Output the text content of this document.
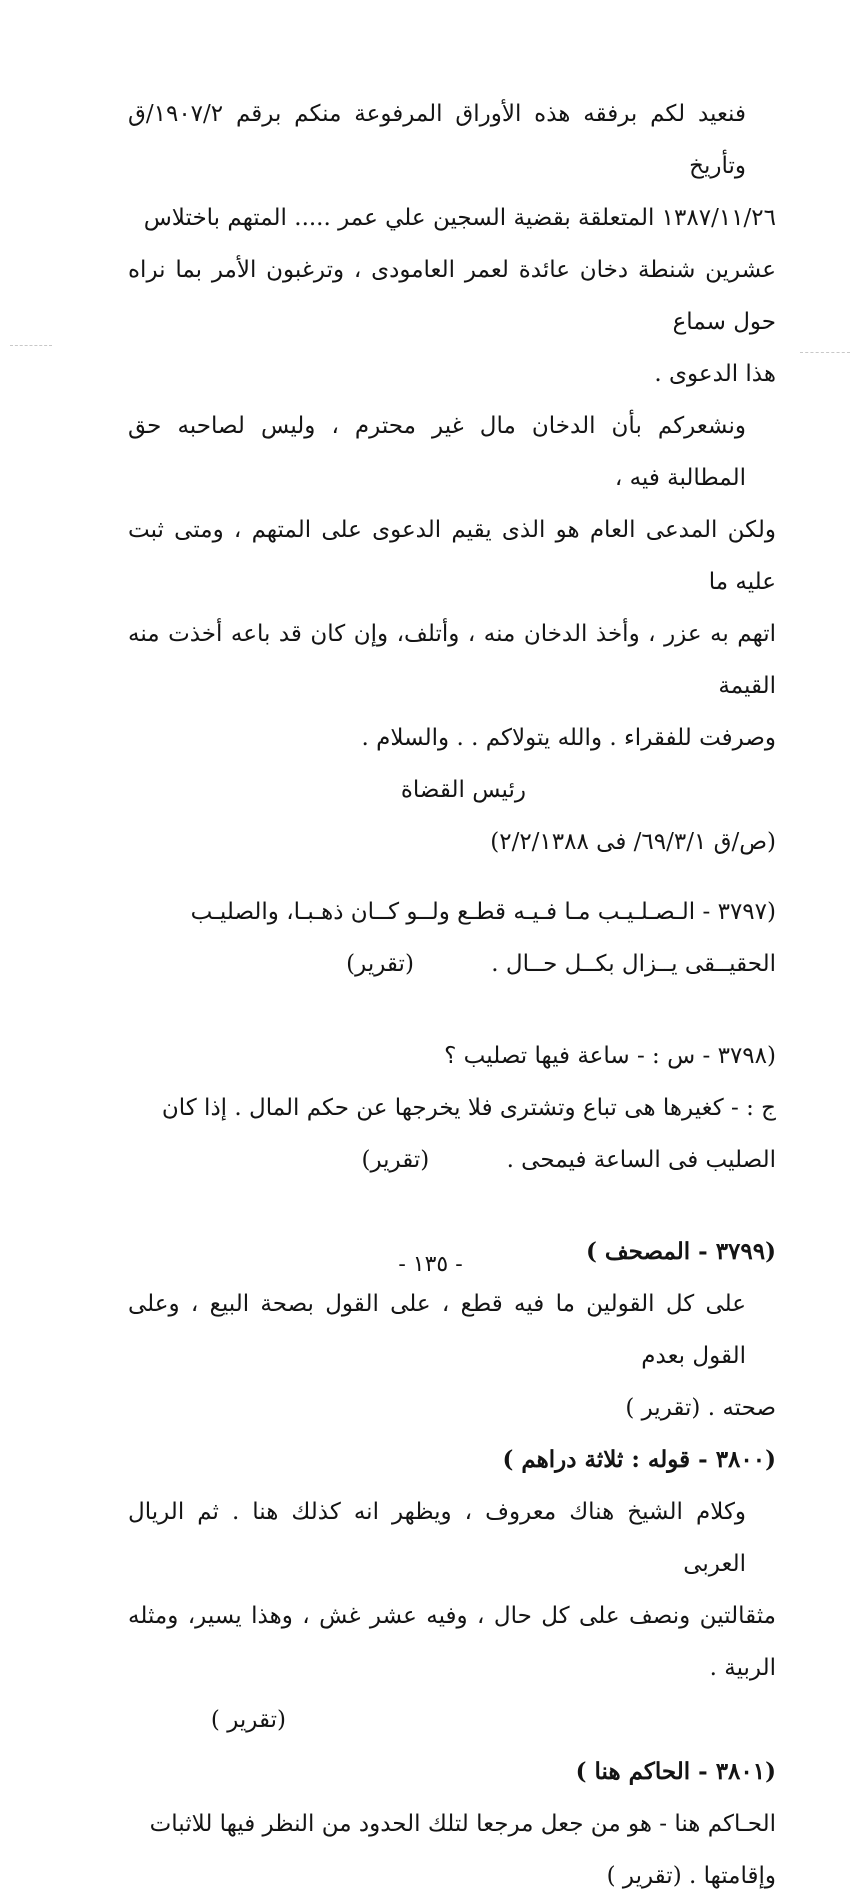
فنعيد لكم برفقه هذه الأوراق المرفوعة منكم برقم ١٩٠٧/٢/ق وتأريخ

١٣٨٧/١١/٢٦ المتعلقة بقضية السجين علي عمر ..... المتهم باختلاس

عشرين شنطة دخان عائدة لعمر العامودى ، وترغبون الأمر بما نراه حول سماع

هذا الدعوى .

ونشعركم بأن الدخان مال غير محترم ، وليس لصاحبه حق المطالبة فيه ،

ولكن المدعى العام هو الذى يقيم الدعوى على المتهم ، ومتى ثبت عليه ما

اتهم به عزر ، وأخذ الدخان منه ، وأتلف، وإن كان قد باعه أخذت منه القيمة

وصرفت للفقراء . والله يتولاكم . . والسلام .

رئيس القضاة

(ص/ق ٦٩/٣/١/ فى ٢/٢/١٣٨٨)

(٣٧٩٧ - الـصـلـيـب مـا فـيـه قطـع ولــو كــان ذهـبـا، والصليـب

الحقيــقى يــزال بكــل حــال . (تقرير)

(٣٧٩٨ - س : - ساعة فيها تصليب ؟

ج : - كغيرها هى تباع وتشترى فلا يخرجها عن حكم المال . إذا كان

الصليب فى الساعة فيمحى . (تقرير)

(٣٧٩٩ - المصحف )

على كل القولين ما فيه قطع ، على القول بصحة البيع ، وعلى القول بعدم

صحته . (تقرير )

(٣٨٠٠ - قوله : ثلاثة دراهم )

وكلام الشيخ هناك معروف ، ويظهر انه كذلك هنا . ثم الريال العربى

مثقالتين ونصف على كل حال ، وفيه عشر غش ، وهذا يسير، ومثله الربية .

(تقرير )

(٣٨٠١ - الحاكم هنا )

الحـاكم هنا - هو من جعل مرجعا لتلك الحدود من النظر فيها للاثبات

وإقامتها . (تقرير )

- ١٣٥ -
